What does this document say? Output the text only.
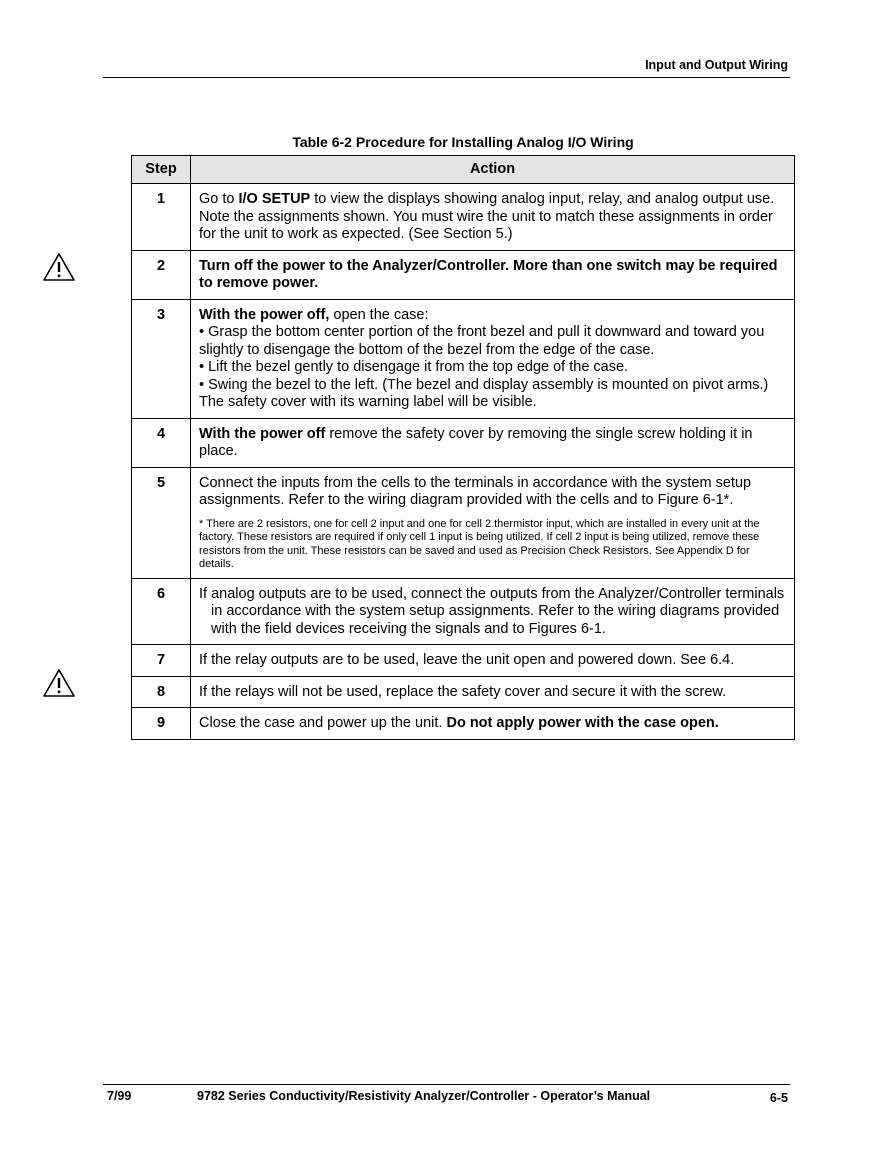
Input and Output Wiring
Table 6-2 Procedure for Installing Analog I/O Wiring
Step	Action
1	Go to I/O SETUP to view the displays showing analog input, relay, and analog output use. Note the assignments shown. You must wire the unit to match these assignments in order for the unit to work as expected. (See Section 5.)
2	Turn off the power to the Analyzer/Controller. More than one switch may be required to remove power.
3	With the power off, open the case:
• Grasp the bottom center portion of the front bezel and pull it downward and toward you slightly to disengage the bottom of the bezel from the edge of the case.
• Lift the bezel gently to disengage it from the top edge of the case.
• Swing the bezel to the left. (The bezel and display assembly is mounted on pivot arms.)
The safety cover with its warning label will be visible.

4	With the power off remove the safety cover by removing the single screw holding it in place.
5	Connect the inputs from the cells to the terminals in accordance with the system setup assignments. Refer to the wiring diagram provided with the cells and to Figure 6-1*.
* There are 2 resistors, one for cell 2 input and one for cell 2 thermistor input, which are installed in every unit at the factory. These resistors are required if only cell 1 input is being utilized. If cell 2 input is being utilized, remove these resistors from the unit. These resistors can be saved and used as Precision Check Resistors. See Appendix D for details.

6	If analog outputs are to be used, connect the outputs from the Analyzer/Controller terminals in accordance with the system setup assignments. Refer to the wiring diagrams provided with the field devices receiving the signals and to Figures 6-1.

7	If the relay outputs are to be used, leave the unit open and powered down. See 6.4.
8	If the relays will not be used, replace the safety cover and secure it with the screw.
9	Close the case and power up the unit. Do not apply power with the case open.
7/99	9782 Series Conductivity/Resistivity Analyzer/Controller - Operator’s Manual	6-5
